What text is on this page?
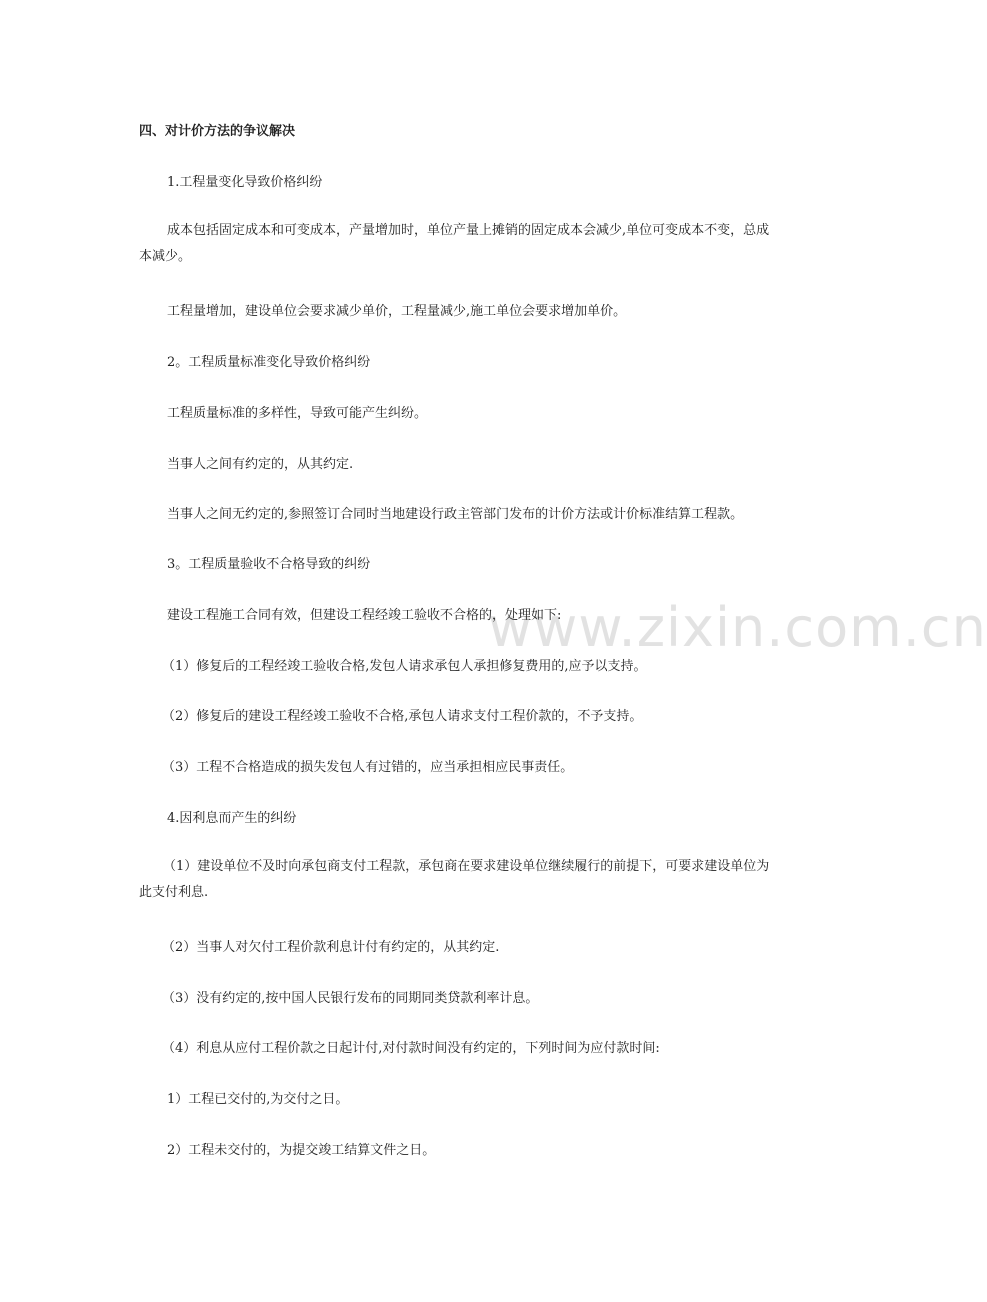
www.zixin.com.cn
四、对计价方法的争议解决
1.工程量变化导致价格纠纷
成本包括固定成本和可变成本，产量增加时，单位产量上摊销的固定成本会减少,单位可变成本不变，总成本减少。
工程量增加，建设单位会要求减少单价，工程量减少,施工单位会要求增加单价。
2。工程质量标准变化导致价格纠纷
工程质量标准的多样性，导致可能产生纠纷。
当事人之间有约定的，从其约定.
当事人之间无约定的,参照签订合同时当地建设行政主管部门发布的计价方法或计价标准结算工程款。
3。工程质量验收不合格导致的纠纷
建设工程施工合同有效，但建设工程经竣工验收不合格的，处理如下:
（1）修复后的工程经竣工验收合格,发包人请求承包人承担修复费用的,应予以支持。
（2）修复后的建设工程经竣工验收不合格,承包人请求支付工程价款的，不予支持。
（3）工程不合格造成的损失发包人有过错的，应当承担相应民事责任。
4.因利息而产生的纠纷
（1）建设单位不及时向承包商支付工程款，承包商在要求建设单位继续履行的前提下，可要求建设单位为此支付利息.
（2）当事人对欠付工程价款利息计付有约定的，从其约定.
（3）没有约定的,按中国人民银行发布的同期同类贷款利率计息。
（4）利息从应付工程价款之日起计付,对付款时间没有约定的，下列时间为应付款时间:
1）工程已交付的,为交付之日。
2）工程未交付的，为提交竣工结算文件之日。
